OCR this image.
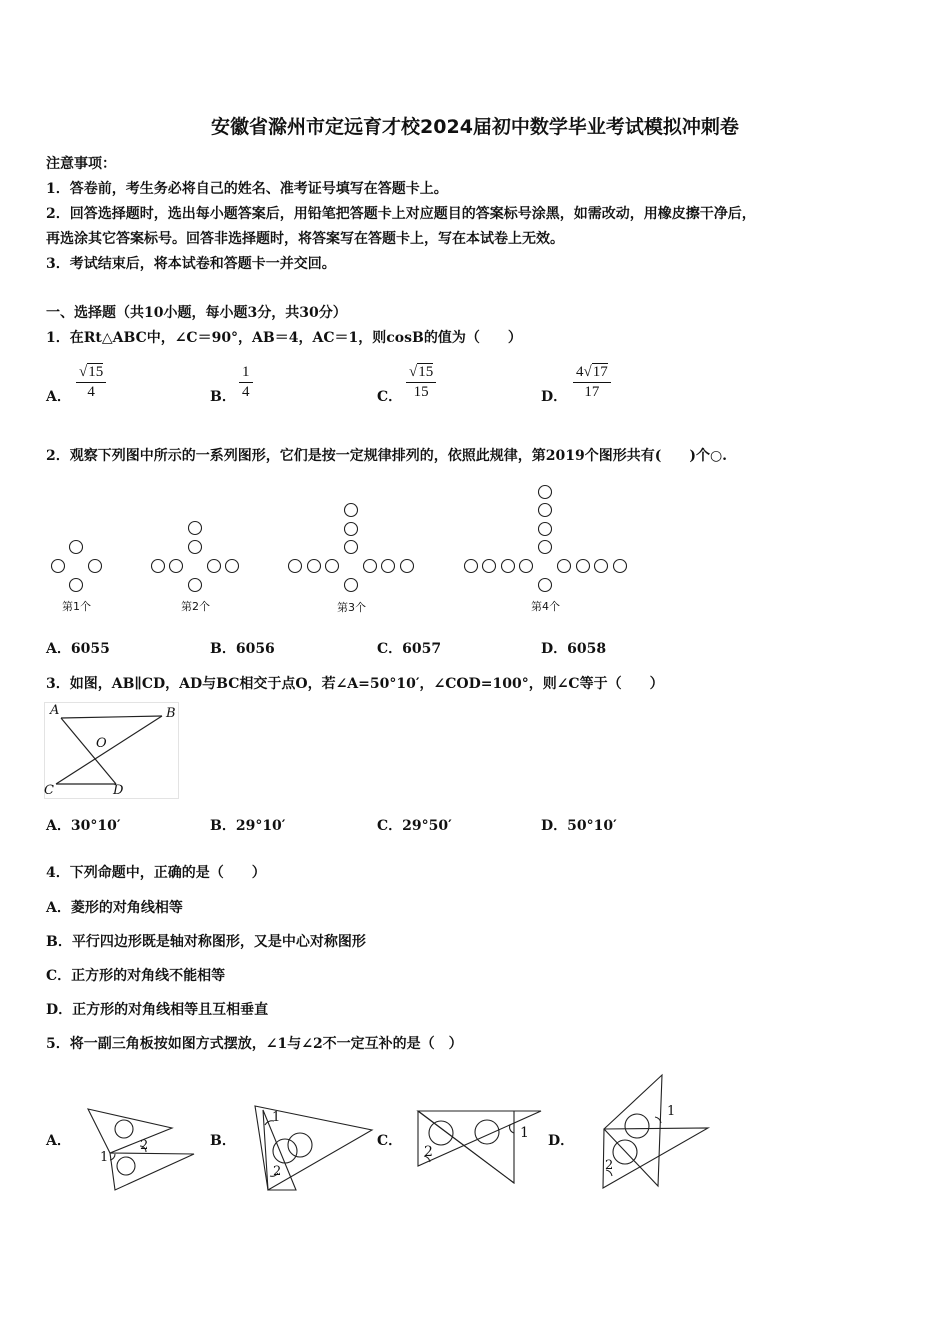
安徽省滁州市定远育才校2024届初中数学毕业考试模拟冲刺卷
注意事项：
1．答卷前，考生务必将自己的姓名、准考证号填写在答题卡上。
2．回答选择题时，选出每小题答案后，用铅笔把答题卡上对应题目的答案标号涂黑，如需改动，用橡皮擦干净后，
再选涂其它答案标号。回答非选择题时，将答案写在答题卡上，写在本试卷上无效。
3．考试结束后，将本试卷和答题卡一并交回。
一、选择题（共10小题，每小题3分，共30分）
1．在Rt△ABC中，∠C＝90°，AB＝4，AC＝1，则cosB的值为（　　）
A．
√15
4	B．
1
4	C．
√15
15	D．
4√17
17
2．观察下列图中所示的一系列图形，它们是按一定规律排列的，依照此规律，第2019个图形共有(　　)个○.
第1个	第2个	第3个	第4个
A．6055	B．6056	C．6057	D．6058
3．如图，AB∥CD，AD与BC相交于点O，若∠A=50°10′，∠COD=100°，则∠C等于（　　）
A	B
O
C	D
A．30°10′	B．29°10′	C．29°50′	D．50°10′
4．下列命题中，正确的是（　　）
A．菱形的对角线相等
B．平行四边形既是轴对称图形，又是中心对称图形
C．正方形的对角线不能相等
D．正方形的对角线相等且互相垂直
5．将一副三角板按如图方式摆放，∠1与∠2不一定互补的是（　）
A．	B．	C．	D．
1
2
1
2
1
2
1
2
